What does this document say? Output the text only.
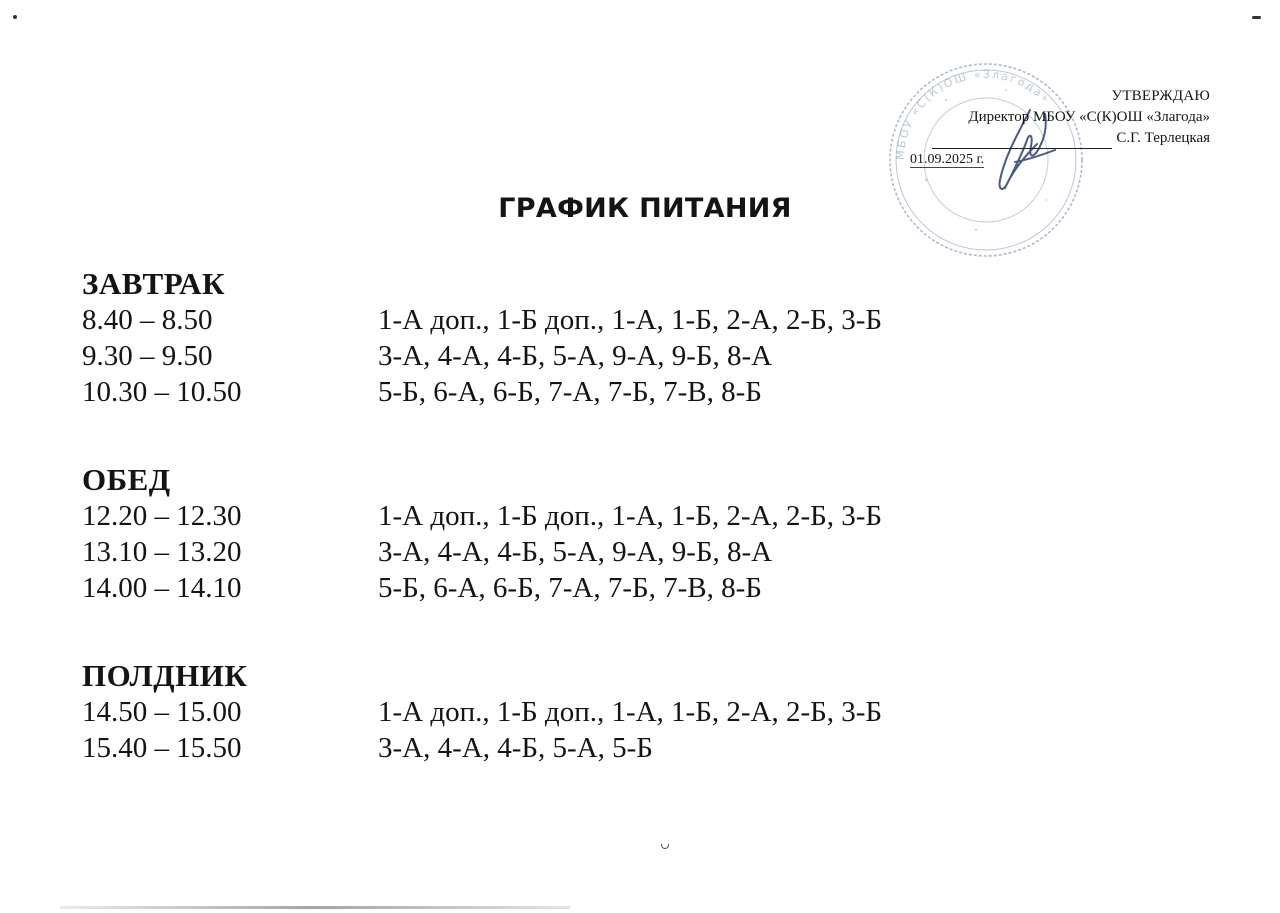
МБОУ «С(К)ОШ «Злагода»	УТВЕРЖДАЮ
Директор МБОУ «С(К)ОШ «Злагода»
С.Г. Терлецкая
01.09.2025 г.
ГРАФИК ПИТАНИЯ
ЗАВТРАК
8.40 – 8.50	1-А доп., 1-Б доп., 1-А, 1-Б, 2-А, 2-Б, 3-Б
9.30 – 9.50	3-А, 4-А, 4-Б, 5-А, 9-А, 9-Б, 8-А
10.30 – 10.50	5-Б, 6-А, 6-Б, 7-А, 7-Б, 7-В, 8-Б
ОБЕД
12.20 – 12.30	1-А доп., 1-Б доп., 1-А, 1-Б, 2-А, 2-Б, 3-Б
13.10 – 13.20	3-А, 4-А, 4-Б, 5-А, 9-А, 9-Б, 8-А
14.00 – 14.10	5-Б, 6-А, 6-Б, 7-А, 7-Б, 7-В, 8-Б
ПОЛДНИК
14.50 – 15.00	1-А доп., 1-Б доп., 1-А, 1-Б, 2-А, 2-Б, 3-Б
15.40 – 15.50	3-А, 4-А, 4-Б, 5-А, 5-Б
